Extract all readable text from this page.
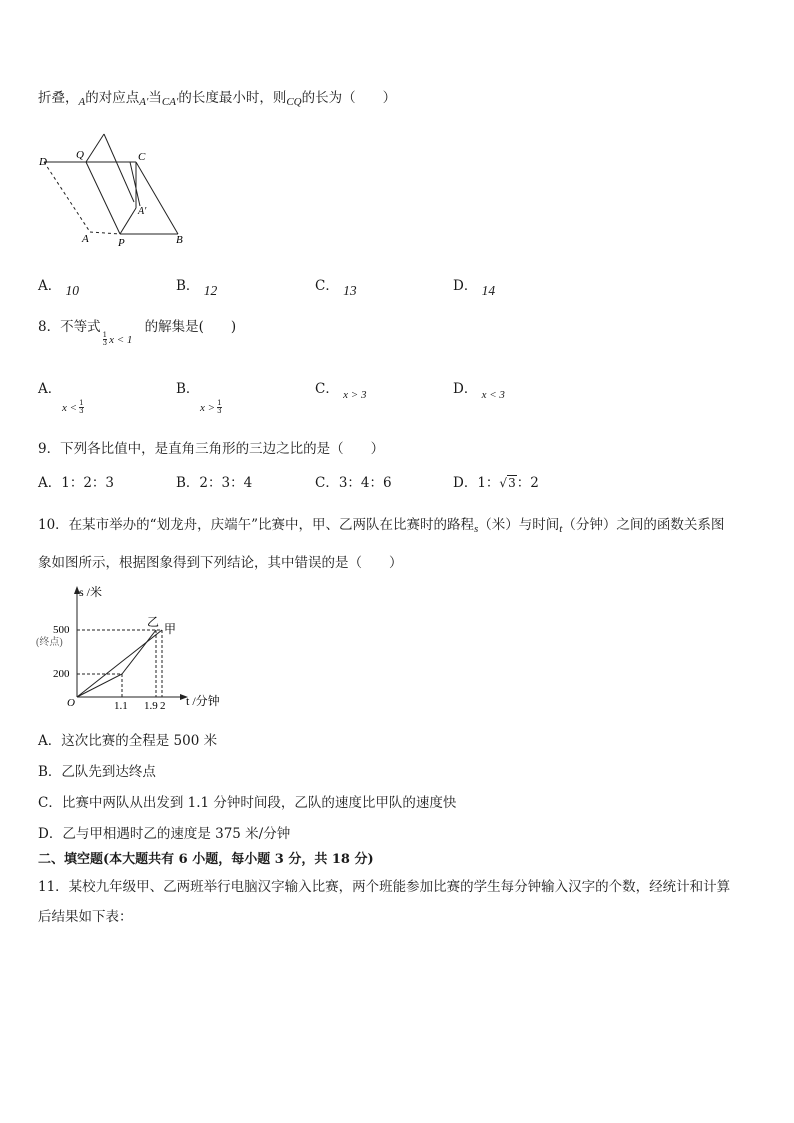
折叠，$_A$的对应点$_{A'}$当$_{CA'}$的长度最小时，则$_{CQ}$的长为（　　）
D
Q	C
A′
A	P	B
A． 10	B． 12	C． 13	D． 14
8．不等式
$\frac{1}{3}$ x < 1的解集是(　　)
A．
$x < \frac{1}{3}$
B．
$x > \frac{1}{3}$
C． $_{x > 3}$	D． $_{x < 3}$
9．下列各比值中，是直角三角形的三边之比的是（　　）
A．1：2：3	B．2：3：4	C．3：4：6	D．1：√3：2
10．在某市举办的“划龙舟，庆端午”比赛中，甲、乙两队在比赛时的路程$_s$（米）与时间$_t$（分钟）之间的函数关系图
象如图所示，根据图象得到下列结论，其中错误的是（　　）
s /米
t /分钟
500
(终点)
200
O	1.1 1.9 2
乙 甲
A．这次比赛的全程是 500 米
B．乙队先到达终点
C．比赛中两队从出发到 1.1 分钟时间段，乙队的速度比甲队的速度快
D．乙与甲相遇时乙的速度是 375 米/分钟
二、填空题(本大题共有 6 小题，每小题 3 分，共 18 分)
11．某校九年级甲、乙两班举行电脑汉字输入比赛，两个班能参加比赛的学生每分钟输入汉字的个数，经统计和计算
后结果如下表：
